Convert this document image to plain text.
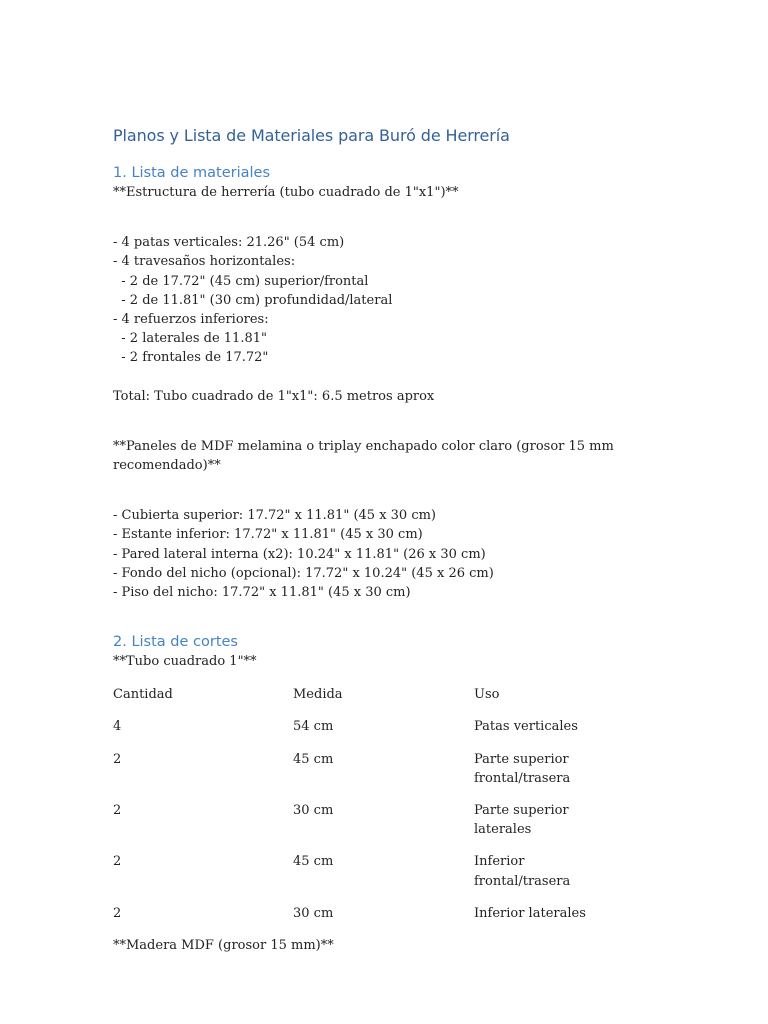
Planos y Lista de Materiales para Buró de Herrería
1. Lista de materiales
**Estructura de herrería (tubo cuadrado de 1"x1")**
- 4 patas verticales: 21.26" (54 cm)
- 4 travesaños horizontales:
- 2 de 17.72" (45 cm) superior/frontal
- 2 de 11.81" (30 cm) profundidad/lateral
- 4 refuerzos inferiores:
- 2 laterales de 11.81"
- 2 frontales de 17.72"
Total: Tubo cuadrado de 1"x1": 6.5 metros aprox
**Paneles de MDF melamina o triplay enchapado color claro (grosor 15 mm
recomendado)**
- Cubierta superior: 17.72" x 11.81" (45 x 30 cm)
- Estante inferior: 17.72" x 11.81" (45 x 30 cm)
- Pared lateral interna (x2): 10.24" x 11.81" (26 x 30 cm)
- Fondo del nicho (opcional): 17.72" x 10.24" (45 x 26 cm)
- Piso del nicho: 17.72" x 11.81" (45 x 30 cm)
2. Lista de cortes
**Tubo cuadrado 1"**
Cantidad	Medida	Uso
4	54 cm	Patas verticales
2	45 cm	Parte superior
frontal/trasera
2	30 cm	Parte superior laterales
2	45 cm	Inferior frontal/trasera
2	30 cm	Inferior laterales
**Madera MDF (grosor 15 mm)**
